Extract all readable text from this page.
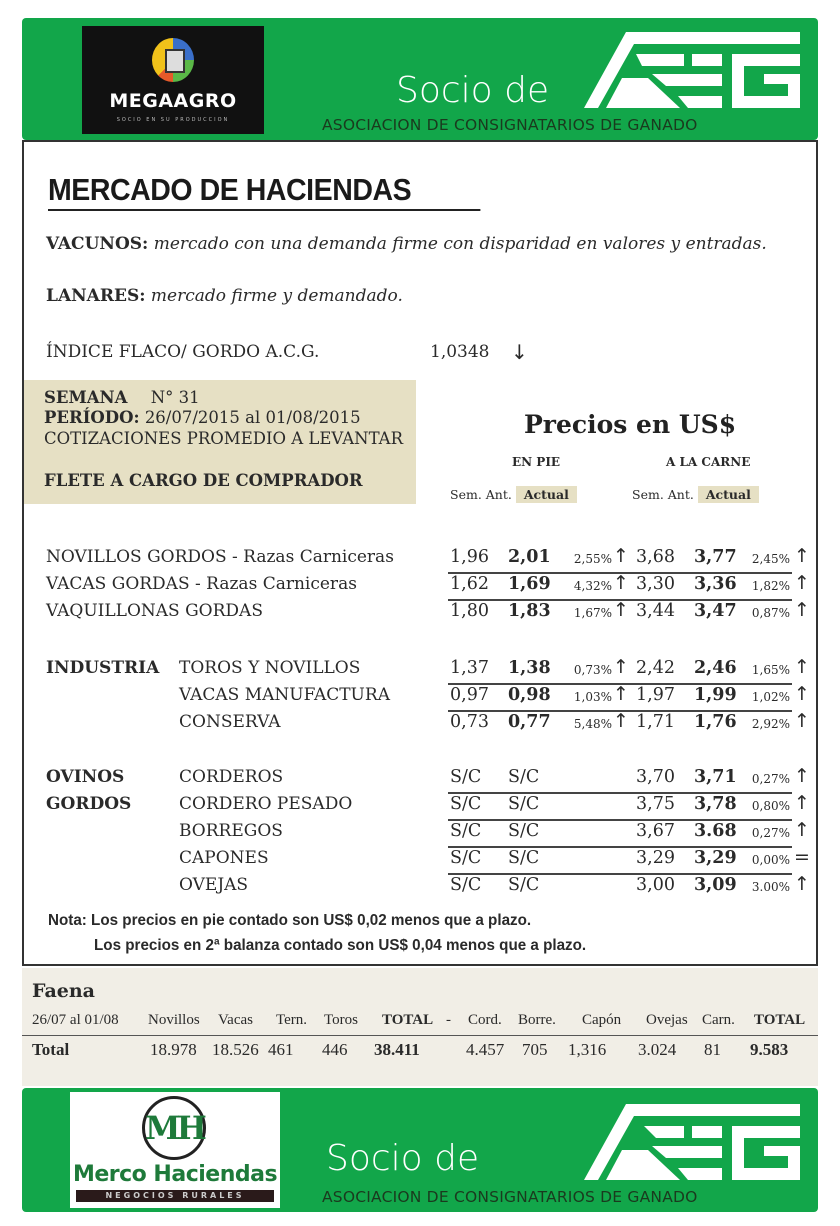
MEGAAGRO
SOCIO EN SU PRODUCCION
Socio de
ASOCIACION DE CONSIGNATARIOS DE GANADO
MERCADO DE HACIENDAS
VACUNOS: mercado con una demanda firme con disparidad en valores y entradas.
LANARES: mercado firme y demandado.
ÍNDICE FLACO/ GORDO A.C.G.	1,0348 ↓
SEMANA N° 31
PERÍODO: 26/07/2015 al 01/08/2015
COTIZACIONES PROMEDIO A LEVANTAR
FLETE A CARGO DE COMPRADOR
Precios en US$
EN PIE	A LA CARNE
Sem. Ant. Actual	Sem. Ant. Actual
NOVILLOS GORDOS - Razas Carniceras	1,96 2,01	2,55% ↑ 3,68 3,77	2,45% ↑
VACAS GORDAS - Razas Carniceras	1,62 1,69	4,32% ↑ 3,30 3,36	1,82% ↑
VAQUILLONAS GORDAS	1,80 1,83	1,67% ↑ 3,44 3,47	0,87% ↑
INDUSTRIA TOROS Y NOVILLOS	1,37 1,38	0,73% ↑ 2,42 2,46	1,65% ↑
VACAS MANUFACTURA	0,97 0,98	1,03% ↑ 1,97 1,99	1,02% ↑
CONSERVA	0,73 0,77	5,48% ↑ 1,71 1,76	2,92% ↑
OVINOS	CORDEROS	S/C S/C	3,70 3,71	0,27% ↑
GORDOS	CORDERO PESADO	S/C S/C	3,75 3,78	0,80% ↑
BORREGOS	S/C S/C	3,67 3.68	0,27% ↑
CAPONES	S/C S/C	3,29 3,29	0,00% =
OVEJAS	S/C S/C	3,00 3,09	3.00% ↑
Nota: Los precios en pie contado son US$ 0,02 menos que a plazo.
Los precios en 2ª balanza contado son US$ 0,04 menos que a plazo.
Faena
26/07 al 01/08 Novillos Vacas Tern. Toros TOTAL - Cord. Borre. Capón Ovejas Carn. TOTAL
Total	18.978 18.526 461 446 38.411	4.457 705 1,316 3.024 81 9.583
MH
Merco Haciendas
NEGOCIOS RURALES
Socio de
ASOCIACION DE CONSIGNATARIOS DE GANADO
